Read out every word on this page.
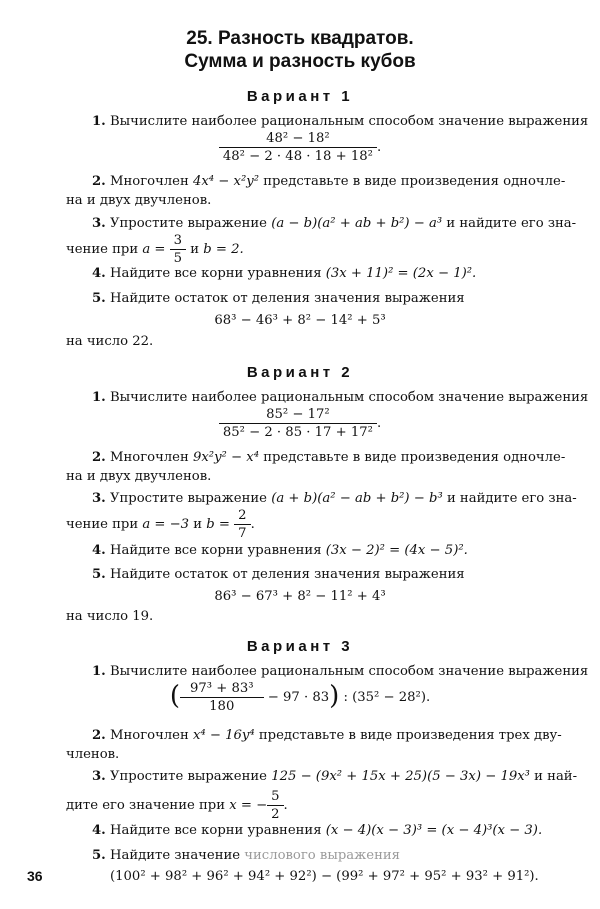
25. Разность квадратов.
Сумма и разность кубов
Вариант 1
1. Вычислите наиболее рациональным способом значение выражения
$\frac{\text{48² − 18²}}{\text{48² − 2 · 48 · 18 + 18²}}$ .
2. Многочлен 4x⁴ − x²y² представьте в виде произведения одночле-
на и двух двучленов.
3. Упростите выражение (a − b)(a² + ab + b²) − a³ и найдите его зна-
чение при $a = \frac{3}{5}$ и b = 2.
4. Найдите все корни уравнения (3x + 11)² = (2x − 1)².
5. Найдите остаток от деления значения выражения
68³ − 46³ + 8² − 14² + 5³
на число 22.
Вариант 2
1. Вычислите наиболее рациональным способом значение выражения
$\frac{\text{85² − 17²}}{\text{85² − 2 · 85 · 17 + 17²}}$ .
2. Многочлен 9x²y² − x⁴ представьте в виде произведения одночле-
на и двух двучленов.
3. Упростите выражение (a + b)(a² − ab + b²) − b³ и найдите его зна-
чение при a = −3 и $b = \frac{2}{7}$ .
4. Найдите все корни уравнения (3x − 2)² = (4x − 5)².
5. Найдите остаток от деления значения выражения
86³ − 67³ + 8² − 11² + 4³
на число 19.
Вариант 3
1. Вычислите наиболее рациональным способом значение выражения
( $\frac{\text{97³ + 83³}}{180} - 97 \cdot 83$) : (35² − 28²).
2. Многочлен x⁴ − 16y⁴ представьте в виде произведения трех дву-
членов.
3. Упростите выражение 125 − (9x² + 15x + 25)(5 − 3x) − 19x³ и най-
дите его значение при x = − $\frac{5}{2}$ .
4. Найдите все корни уравнения (x − 4)(x − 3)³ = (x − 4)³(x − 3).
5. Найдите значение числового выражения
(100² + 98² + 96² + 94² + 92²) − (99² + 97² + 95² + 93² + 91²).
36
